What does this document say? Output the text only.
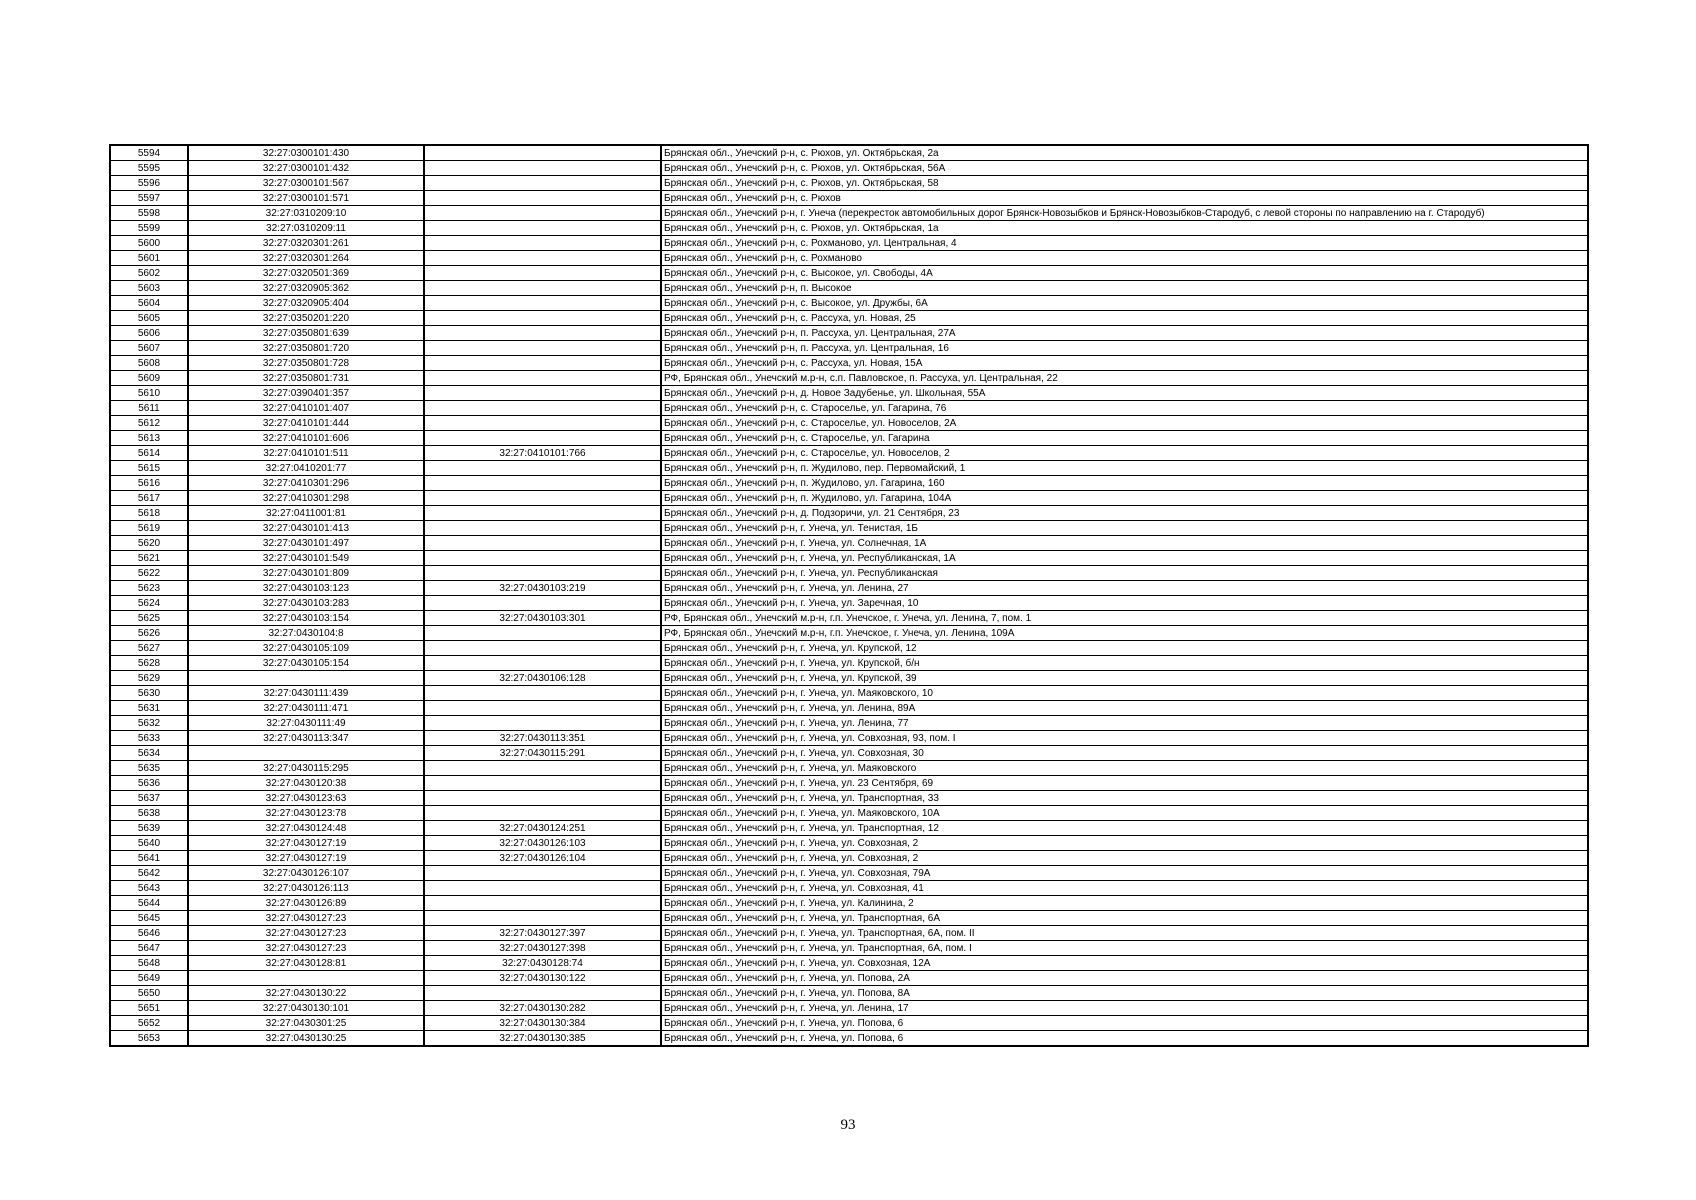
5594	32:27:0300101:430		Брянская обл., Унечский р-н, с. Рюхов, ул. Октябрьская, 2а
5595	32:27:0300101:432		Брянская обл., Унечский р-н, с. Рюхов, ул. Октябрьская, 56А
5596	32:27:0300101:567		Брянская обл., Унечский р-н, с. Рюхов, ул. Октябрьская, 58
5597	32:27:0300101:571		Брянская обл., Унечский р-н, с. Рюхов
5598	32:27:0310209:10		Брянская обл., Унечский р-н, г. Унеча (перекресток автомобильных дорог Брянск-Новозыбков и Брянск-Новозыбков-Стародуб, с левой стороны по направлению на г. Стародуб)
5599	32:27:0310209:11		Брянская обл., Унечский р-н, с. Рюхов, ул. Октябрьская, 1а
5600	32:27:0320301:261		Брянская обл., Унечский р-н, с. Рохманово, ул. Центральная, 4
5601	32:27:0320301:264		Брянская обл., Унечский р-н, с. Рохманово
5602	32:27:0320501:369		Брянская обл., Унечский р-н, с. Высокое, ул. Свободы, 4А
5603	32:27:0320905:362		Брянская обл., Унечский р-н, п. Высокое
5604	32:27:0320905:404		Брянская обл., Унечский р-н, с. Высокое, ул. Дружбы, 6А
5605	32:27:0350201:220		Брянская обл., Унечский р-н, с. Рассуха, ул. Новая, 25
5606	32:27:0350801:639		Брянская обл., Унечский р-н, п. Рассуха, ул. Центральная, 27А
5607	32:27:0350801:720		Брянская обл., Унечский р-н, п. Рассуха, ул. Центральная, 16
5608	32:27:0350801:728		Брянская обл., Унечский р-н, с. Рассуха, ул. Новая, 15А
5609	32:27:0350801:731		РФ, Брянская обл., Унечский м.р-н, с.п. Павловское, п. Рассуха, ул. Центральная, 22
5610	32:27:0390401:357		Брянская обл., Унечский р-н, д. Новое Задубенье, ул. Школьная, 55А
5611	32:27:0410101:407		Брянская обл., Унечский р-н, с. Староселье, ул. Гагарина, 76
5612	32:27:0410101:444		Брянская обл., Унечский р-н, с. Староселье, ул. Новоселов, 2А
5613	32:27:0410101:606		Брянская обл., Унечский р-н, с. Староселье, ул. Гагарина
5614	32:27:0410101:511	32:27:0410101:766	Брянская обл., Унечский р-н, с. Староселье, ул. Новоселов, 2
5615	32:27:0410201:77		Брянская обл., Унечский р-н, п. Жудилово, пер. Первомайский, 1
5616	32:27:0410301:296		Брянская обл., Унечский р-н, п. Жудилово, ул. Гагарина, 160
5617	32:27:0410301:298		Брянская обл., Унечский р-н, п. Жудилово, ул. Гагарина, 104А
5618	32:27:0411001:81		Брянская обл., Унечский р-н, д. Подзоричи, ул. 21 Сентября, 23
5619	32:27:0430101:413		Брянская обл., Унечский р-н, г. Унеча, ул. Тенистая, 1Б
5620	32:27:0430101:497		Брянская обл., Унечский р-н, г. Унеча, ул. Солнечная, 1А
5621	32:27:0430101:549		Брянская обл., Унечский р-н, г. Унеча, ул. Республиканская, 1А
5622	32:27:0430101:809		Брянская обл., Унечский р-н, г. Унеча, ул. Республиканская
5623	32:27:0430103:123	32:27:0430103:219	Брянская обл., Унечский р-н, г. Унеча, ул. Ленина, 27
5624	32:27:0430103:283		Брянская обл., Унечский р-н, г. Унеча, ул. Заречная, 10
5625	32:27:0430103:154	32:27:0430103:301	РФ, Брянская обл., Унечский м.р-н, г.п. Унечское, г. Унеча, ул. Ленина, 7, пом. 1
5626	32:27:0430104:8		РФ, Брянская обл., Унечский м.р-н, г.п. Унечское, г. Унеча, ул. Ленина, 109А
5627	32:27:0430105:109		Брянская обл., Унечский р-н, г. Унеча, ул. Крупской, 12
5628	32:27:0430105:154		Брянская обл., Унечский р-н, г. Унеча, ул. Крупской, б/н
5629		32:27:0430106:128	Брянская обл., Унечский р-н, г. Унеча, ул. Крупской, 39
5630	32:27:0430111:439		Брянская обл., Унечский р-н, г. Унеча, ул. Маяковского, 10
5631	32:27:0430111:471		Брянская обл., Унечский р-н, г. Унеча, ул. Ленина, 89А
5632	32:27:0430111:49		Брянская обл., Унечский р-н, г. Унеча, ул. Ленина, 77
5633	32:27:0430113:347	32:27:0430113:351	Брянская обл., Унечский р-н, г. Унеча, ул. Совхозная, 93, пом. I
5634		32:27:0430115:291	Брянская обл., Унечский р-н, г. Унеча, ул. Совхозная, 30
5635	32:27:0430115:295		Брянская обл., Унечский р-н, г. Унеча, ул. Маяковского
5636	32:27:0430120:38		Брянская обл., Унечский р-н, г. Унеча, ул. 23 Сентября, 69
5637	32:27:0430123:63		Брянская обл., Унечский р-н, г. Унеча, ул. Транспортная, 33
5638	32:27:0430123:78		Брянская обл., Унечский р-н, г. Унеча, ул. Маяковского, 10А
5639	32:27:0430124:48	32:27:0430124:251	Брянская обл., Унечский р-н, г. Унеча, ул. Транспортная, 12
5640	32:27:0430127:19	32:27:0430126:103	Брянская обл., Унечский р-н, г. Унеча, ул. Совхозная, 2
5641	32:27:0430127:19	32:27:0430126:104	Брянская обл., Унечский р-н, г. Унеча, ул. Совхозная, 2
5642	32:27:0430126:107		Брянская обл., Унечский р-н, г. Унеча, ул. Совхозная, 79А
5643	32:27:0430126:113		Брянская обл., Унечский р-н, г. Унеча, ул. Совхозная, 41
5644	32:27:0430126:89		Брянская обл., Унечский р-н, г. Унеча, ул. Калинина, 2
5645	32:27:0430127:23		Брянская обл., Унечский р-н, г. Унеча, ул. Транспортная, 6А
5646	32:27:0430127:23	32:27:0430127:397	Брянская обл., Унечский р-н, г. Унеча, ул. Транспортная, 6А, пом. II
5647	32:27:0430127:23	32:27:0430127:398	Брянская обл., Унечский р-н, г. Унеча, ул. Транспортная, 6А, пом. I
5648	32:27:0430128:81	32:27:0430128:74	Брянская обл., Унечский р-н, г. Унеча, ул. Совхозная, 12А
5649		32:27:0430130:122	Брянская обл., Унечский р-н, г. Унеча, ул. Попова, 2А
5650	32:27:0430130:22		Брянская обл., Унечский р-н, г. Унеча, ул. Попова, 8А
5651	32:27:0430130:101	32:27:0430130:282	Брянская обл., Унечский р-н, г. Унеча, ул. Ленина, 17
5652	32:27:0430301:25	32:27:0430130:384	Брянская обл., Унечский р-н, г. Унеча, ул. Попова, 6
5653	32:27:0430130:25	32:27:0430130:385	Брянская обл., Унечский р-н, г. Унеча, ул. Попова, 6
93
